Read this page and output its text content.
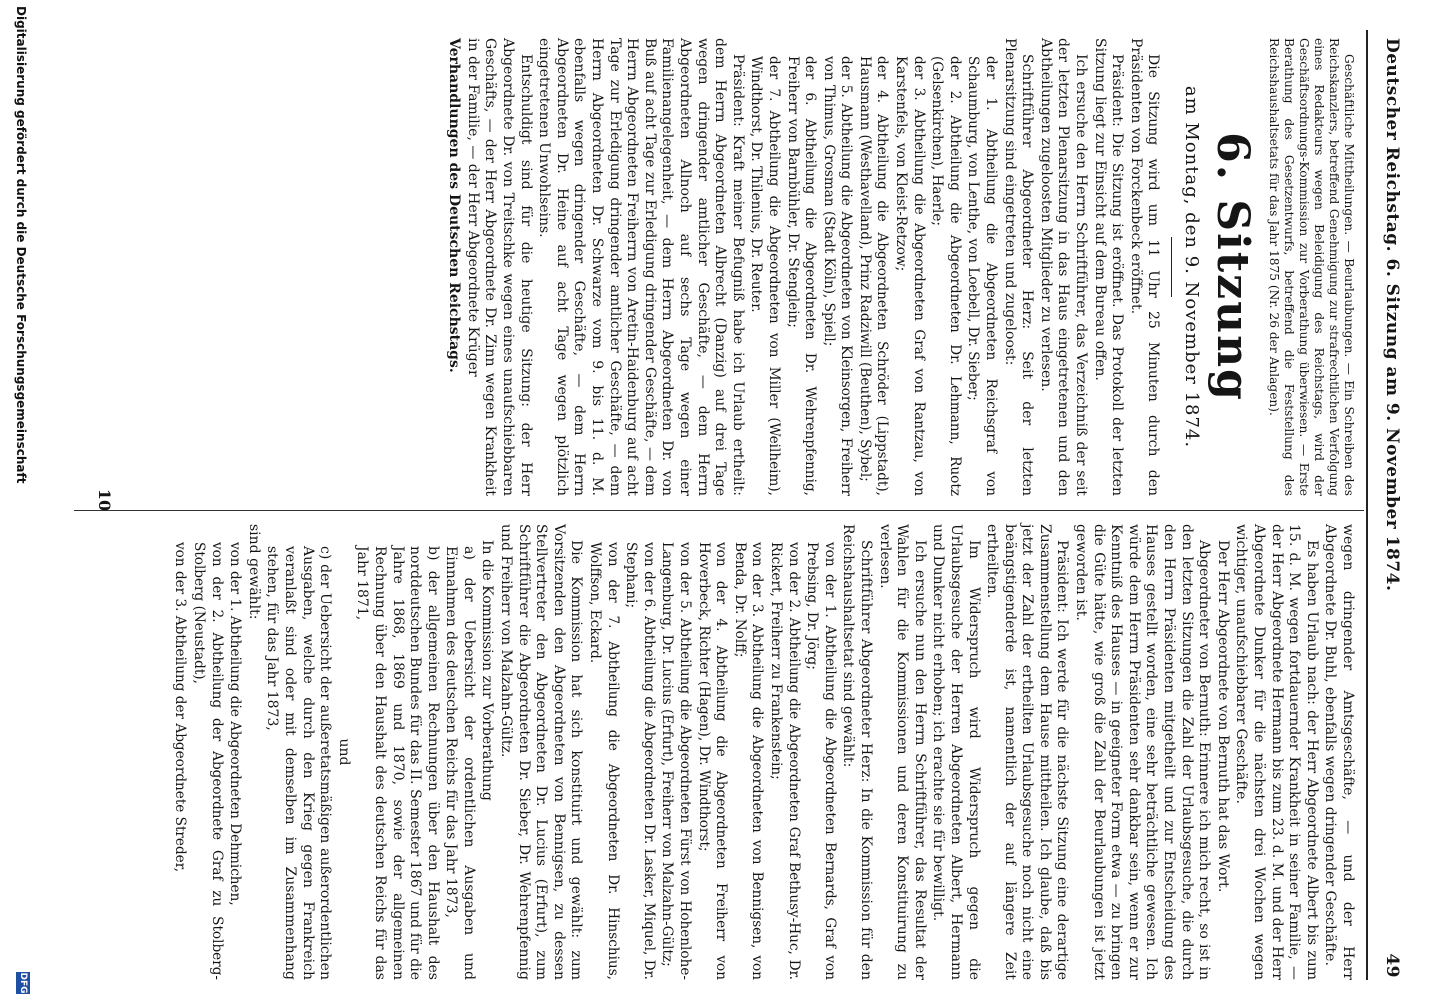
Deutscher Reichstag. 6. Sitzung am 9. November 1874.
49

Geschäftliche Mittheilungen. — Beurlaubungen. — Ein Schreiben des Reichskanzlers, betreffend Genehmigung zur strafrechtlichen Verfolgung eines Redakteurs wegen Beleidigung des Reichstags, wird der Geschäftsordnungs-Kommission zur Vorberathung überwiesen. — Erste Berathung des Gesetzentwurfs, betreffend die Feststellung des Reichshaushaltsetats für das Jahr 1875 (Nr. 26 der Anlagen).

6. Sitzung
am Montag, den 9. November 1874.

Die Sitzung wird um 11 Uhr 25 Minuten durch den Präsidenten von Forckenbeck eröffnet.

Präsident: Die Sitzung ist eröffnet. Das Protokoll der letzten Sitzung liegt zur Einsicht auf dem Bureau offen.

Ich ersuche den Herrn Schriftführer, das Verzeichniß der seit der letzten Plenarsitzung in das Haus eingetretenen und den Abtheilungen zugeloosten Mitglieder zu verlesen.

Schriftführer Abgeordneter Herz: Seit der letzten Plenarsitzung sind eingetreten und zugeloost:

der 1. Abtheilung die Abgeordneten Reichsgraf von Schaumburg, von Lenthe, von Loebell, Dr. Sieber;

der 2. Abtheilung die Abgeordneten Dr. Lehmann, Ruotz (Gelsenkirchen), Haerle;

der 3. Abtheilung die Abgeordneten Graf von Rantzau, von Karstenfels, von Kleist-Retzow;

der 4. Abtheilung die Abgeordneten Schröder (Lippstadt), Hausmann (Westhavelland), Prinz Radziwill (Beuthen), Sybel;

der 5. Abtheilung die Abgeordneten von Kleinsorgen, Freiherr von Thimus, Grosman (Stadt Köln), Spiell;

der 6. Abtheilung die Abgeordneten Dr. Wehrenpfennig, Freiherr von Barnbühler, Dr. Stenglein;

der 7. Abtheilung die Abgeordneten von Miller (Weilheim), Windthorst, Dr. Thilenius, Dr. Reuter.

Präsident: Kraft meiner Befugniß habe ich Urlaub ertheilt: dem Herrn Abgeordneten Albrecht (Danzig) auf drei Tage wegen dringender amtlicher Geschäfte, — dem Herrn Abgeordneten Allnoch auf sechs Tage wegen einer Familienangelegenheit, — dem Herrn Abgeordneten Dr. von Buß auf acht Tage zur Erledigung dringender Geschäfte, — dem Herrn Abgeordneten Freiherrn von Aretin-Haidenburg auf acht Tage zur Erledigung dringender amtlicher Geschäfte, — dem Herrn Abgeordneten Dr. Schwarze vom 9. bis 11. d. M. ebenfalls wegen dringender Geschäfte, — dem Herrn Abgeordneten Dr. Heine auf acht Tage wegen plötzlich eingetretenen Unwohlseins.

Entschuldigt sind für die heutige Sitzung: der Herr Abgeordnete Dr. von Treitschke wegen eines unaufschiebbaren Geschäfts, — der Herr Abgeordnete Dr. Zinn wegen Krankheit in der Familie, — der Herr Abgeordnete Krüger

Verhandlungen des Deutschen Reichstags.

wegen dringender Amtsgeschäfte, — und der Herr Abgeordnete Dr. Buhl, ebenfalls wegen dringender Geschäfte.

Es haben Urlaub nach: der Herr Abgeordnete Albert bis zum 15. d. M. wegen fortdauernder Krankheit in seiner Familie, — der Herr Abgeordnete Hermann bis zum 23. d. M. und der Herr Abgeordnete Dunker für die nächsten drei Wochen wegen wichtiger, unaufschiebbarer Geschäfte.

Der Herr Abgeordnete von Bernuth hat das Wort.

Abgeordneter von Bernuth: Erinnere ich mich recht, so ist in den letzten Sitzungen die Zahl der Urlaubsgesuche, die durch den Herrn Präsidenten mitgetheilt und zur Entscheidung des Hauses gestellt worden, eine sehr beträchtliche gewesen. Ich würde dem Herrn Präsidenten sehr dankbar sein, wenn er zur Kenntniß des Hauses — in geeigneter Form etwa — zu bringen die Güte hätte, wie groß die Zahl der Beurlaubungen ist jetzt geworden ist.

Präsident: Ich werde für die nächste Sitzung eine derartige Zusammenstellung dem Hause mittheilen. Ich glaube, daß bis jetzt der Zahl der ertheilten Urlaubsgesuche noch nicht eine beängstigenderde ist, namentlich der auf längere Zeit ertheilten.

Im Widerspruch wird Widerspruch gegen die Urlaubsgesuche der Herren Abgeordneten Albert, Hermann und Dunker nicht erhoben; ich erachte sie für bewilligt.

Ich ersuche nun den Herrn Schriftführer, das Resultat der Wahlen für die Kommissionen und deren Konstituirung zu verlesen.

Schriftführer Abgeordneter Herz: In die Kommission für den Reichshaushaltsetat sind gewählt:

von der 1. Abtheilung die Abgeordneten Bernards, Graf von Prebsing, Dr. Jörg;

von der 2. Abtheilung die Abgeordneten Graf Bethusy-Huc, Dr. Rickert, Freiherr zu Frankenstein;

von der 3. Abtheilung die Abgeordneten von Bennigsen, von Benda, Dr. Nolff;

von der 4. Abtheilung die Abgeordneten Freiherr von Hoverbeck, Richter (Hagen), Dr. Windthorst;

von der 5. Abtheilung die Abgeordneten Fürst von Hohenlohe-Langenburg, Dr. Lucius (Erfurt), Freiherr von Malzahn-Gültz;

von der 6. Abtheilung die Abgeordneten Dr. Lasker, Miquel, Dr. Stephani;

von der 7. Abtheilung die Abgeordneten Dr. Hinschius, Wolffson, Eckard.

Die Kommission hat sich konstituirt und gewählt: zum Vorsitzenden den Abgeordneten von Bennigsen, zu dessen Stellvertreter den Abgeordneten Dr. Lucius (Erfurt), zum Schriftführer die Abgeordneten Dr. Sieber, Dr. Wehrenpfennig und Freiherr von Malzahn-Gültz.

In die Kommission zur Vorberathung

a) der Uebersicht der ordentlichen Ausgaben und Einnahmen des deutschen Reichs für das Jahr 1873,

b) der allgemeinen Rechnungen über den Haushalt des norddeutschen Bundes für das II. Semester 1867 und für die Jahre 1868, 1869 und 1870, sowie der allgemeinen Rechnung über den Haushalt des deutschen Reichs für das Jahr 1871,

und

c) der Uebersicht der außeretatsmäßigen außerordentlichen Ausgaben, welche durch den Krieg gegen Frankreich veranlaßt sind oder mit demselben im Zusammenhang stehen, für das Jahr 1873,

sind gewählt:

von der 1. Abtheilung die Abgeordneten Dehmichen,

von der 2. Abtheilung der Abgeordnete Graf zu Stolberg-Stolberg (Neustadt),

von der 3. Abtheilung der Abgeordnete Streder,

10
Digitalisierung gefördert durch die Deutsche Forschungsgemeinschaft
DFG
